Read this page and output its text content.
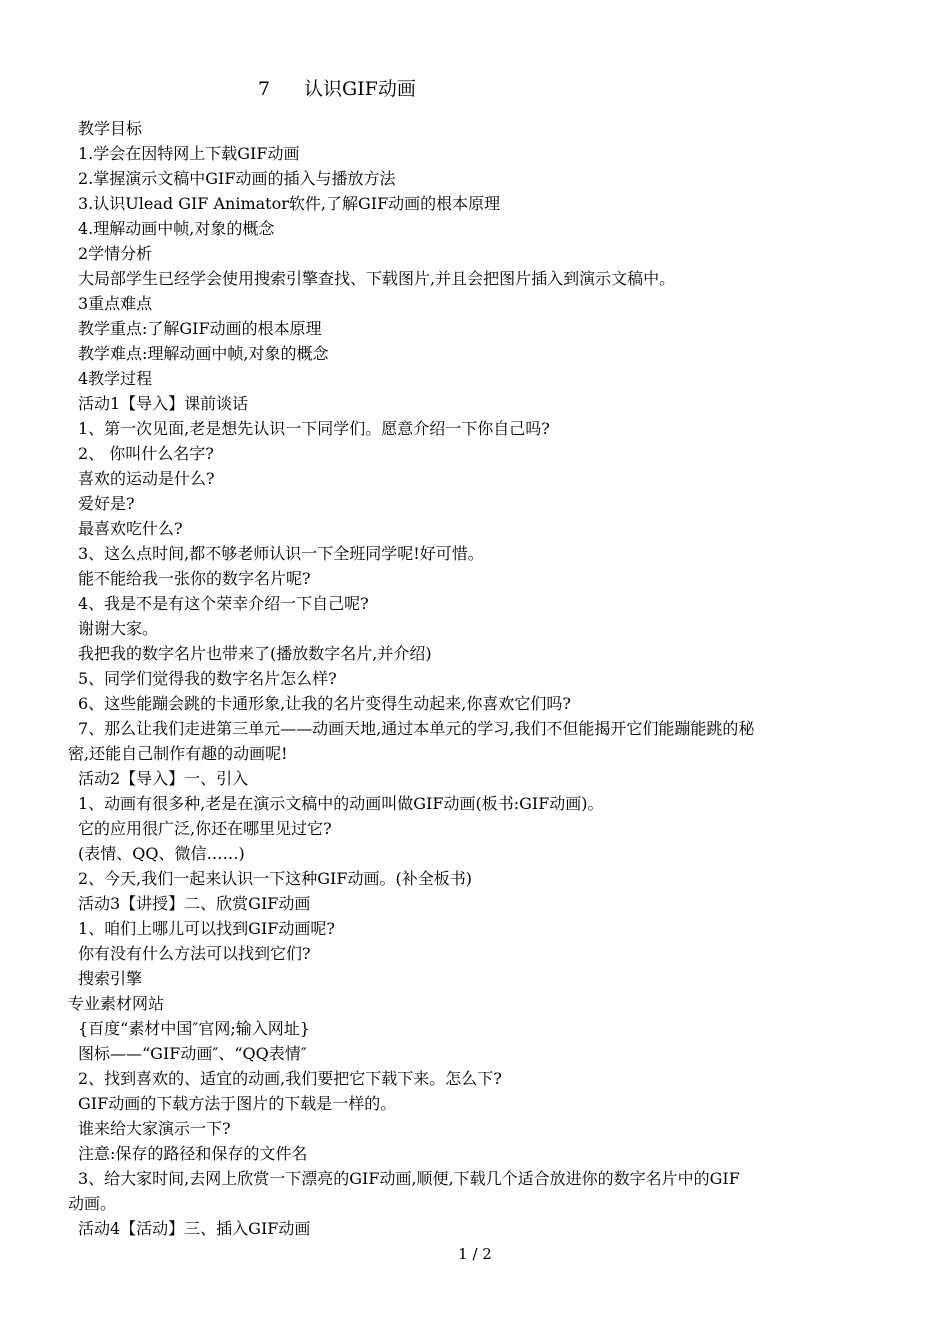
7 认识GIF动画
教学目标
1.学会在因特网上下载GIF动画
2.掌握演示文稿中GIF动画的插入与播放方法
3.认识Ulead GIF Animator软件,了解GIF动画的根本原理
4.理解动画中帧,对象的概念
2学情分析
大局部学生已经学会使用搜索引擎查找、下载图片,并且会把图片插入到演示文稿中。
3重点难点
教学重点:了解GIF动画的根本原理
教学难点:理解动画中帧,对象的概念
4教学过程
活动1【导入】课前谈话
1、第一次见面,老是想先认识一下同学们。愿意介绍一下你自己吗?
2、 你叫什么名字?
喜欢的运动是什么?
爱好是?
最喜欢吃什么?
3、这么点时间,都不够老师认识一下全班同学呢!好可惜。
能不能给我一张你的数字名片呢?
4、我是不是有这个荣幸介绍一下自己呢?
谢谢大家。
我把我的数字名片也带来了(播放数字名片,并介绍)
5、同学们觉得我的数字名片怎么样?
6、这些能蹦会跳的卡通形象,让我的名片变得生动起来,你喜欢它们吗?
7、那么让我们走进第三单元——动画天地,通过本单元的学习,我们不但能揭开它们能蹦能跳的秘
密,还能自己制作有趣的动画呢!
活动2【导入】一、引入
1、动画有很多种,老是在演示文稿中的动画叫做GIF动画(板书:GIF动画)。
它的应用很广泛,你还在哪里见过它?
(表情、QQ、微信……)
2、今天,我们一起来认识一下这种GIF动画。(补全板书)
活动3【讲授】二、欣赏GIF动画
1、咱们上哪儿可以找到GIF动画呢?
你有没有什么方法可以找到它们?
搜索引擎
专业素材网站
{百度“素材中国″官网;输入网址}
图标——“GIF动画″、“QQ表情″
2、找到喜欢的、适宜的动画,我们要把它下载下来。怎么下?
GIF动画的下载方法于图片的下载是一样的。
谁来给大家演示一下?
注意:保存的路径和保存的文件名
3、给大家时间,去网上欣赏一下漂亮的GIF动画,顺便,下载几个适合放进你的数字名片中的GIF
动画。
活动4【活动】三、插入GIF动画
1 / 2
